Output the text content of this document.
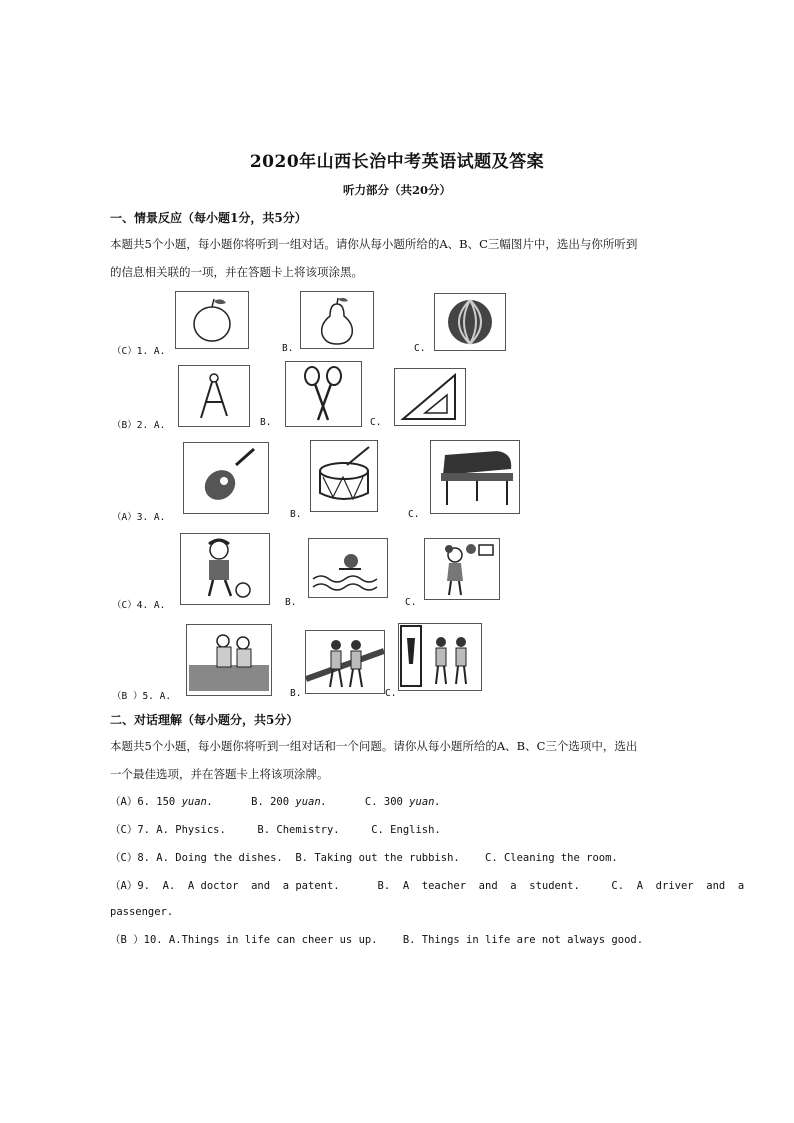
2020年山西长治中考英语试题及答案
听力部分（共20分）
一、情景反应（每小题1分，共5分）
本题共5个小题，每小题你将听到一组对话。请你从每小题所给的A、B、C三幅图片中，选出与你所听到
的信息相关联的一项，并在答题卡上将该项涂黑。
（C）1. A.	B.	C.
（B）2. A.	B.	C.
（A）3. A.	B.	C.
（C）4. A.	B.	C.
（B ）5. A.	B.	C.
二、对话理解（每小题分，共5分）
本题共5个小题，每小题你将听到一组对话和一个问题。请你从每小题所给的A、B、C三个选项中，选出
一个最佳选项，并在答题卡上将该项涂牌。
（A）6. 150 yuan.      B. 200 yuan.      C. 300 yuan.
（C）7. A. Physics.     B. Chemistry.     C. English.
（C）8. A. Doing the dishes.  B. Taking out the rubbish.    C. Cleaning the room.
（A）9.  A.  A doctor  and  a patent.      B.  A  teacher  and  a  student.     C.  A  driver  and  a
passenger.
（B ）10. A.Things in life can cheer us up.    B. Things in life are not always good.
